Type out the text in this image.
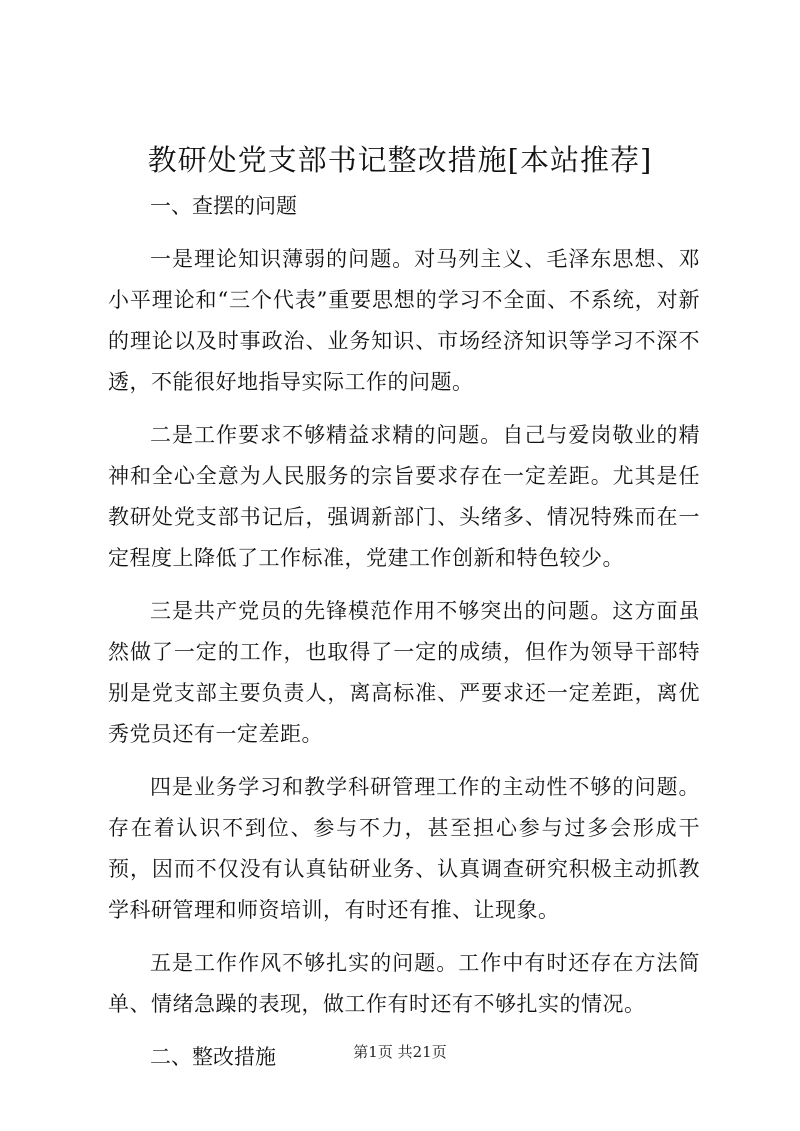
教研处党支部书记整改措施[本站推荐]

一、查摆的问题

一是理论知识薄弱的问题。对马列主义、毛泽东思想、邓小平理论和“三个代表”重要思想的学习不全面、不系统，对新的理论以及时事政治、业务知识、市场经济知识等学习不深不透，不能很好地指导实际工作的问题。

二是工作要求不够精益求精的问题。自己与爱岗敬业的精神和全心全意为人民服务的宗旨要求存在一定差距。尤其是任教研处党支部书记后，强调新部门、头绪多、情况特殊而在一定程度上降低了工作标准，党建工作创新和特色较少。

三是共产党员的先锋模范作用不够突出的问题。这方面虽然做了一定的工作，也取得了一定的成绩，但作为领导干部特别是党支部主要负责人，离高标准、严要求还一定差距，离优秀党员还有一定差距。

四是业务学习和教学科研管理工作的主动性不够的问题。存在着认识不到位、参与不力，甚至担心参与过多会形成干预，因而不仅没有认真钻研业务、认真调查研究积极主动抓教学科研管理和师资培训，有时还有推、让现象。

五是工作作风不够扎实的问题。工作中有时还存在方法简单、情绪急躁的表现，做工作有时还有不够扎实的情况。

二、整改措施	第1页 共21页
